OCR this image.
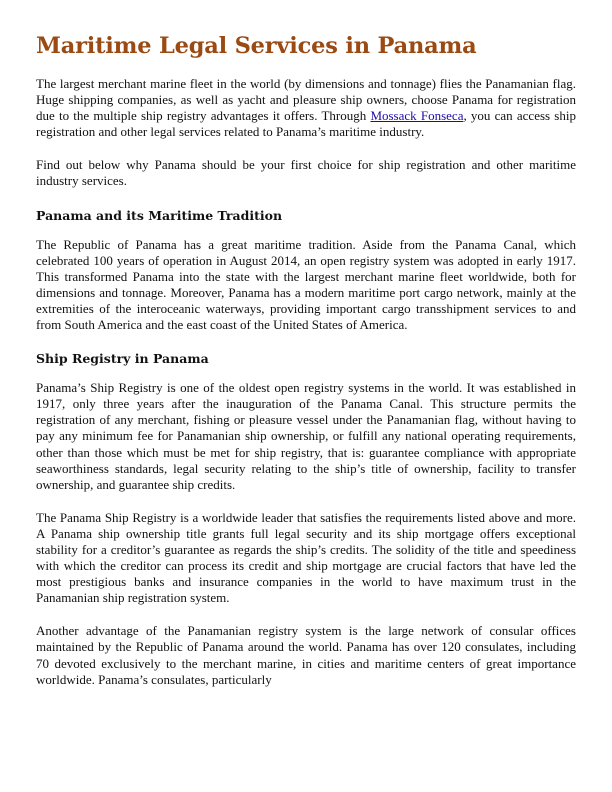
Maritime Legal Services in Panama

The largest merchant marine fleet in the world (by dimensions and tonnage) flies the Panamanian flag. Huge shipping companies, as well as yacht and pleasure ship owners, choose Panama for registration due to the multiple ship registry advantages it offers. Through Mossack Fonseca, you can access ship registration and other legal services related to Panama’s maritime industry.

Find out below why Panama should be your first choice for ship registration and other maritime industry services.

Panama and its Maritime Tradition

The Republic of Panama has a great maritime tradition. Aside from the Panama Canal, which celebrated 100 years of operation in August 2014, an open registry system was adopted in early 1917. This transformed Panama into the state with the largest merchant marine fleet worldwide, both for dimensions and tonnage. Moreover, Panama has a modern maritime port cargo network, mainly at the extremities of the interoceanic waterways, providing important cargo transshipment services to and from South America and the east coast of the United States of America.

Ship Registry in Panama

Panama’s Ship Registry is one of the oldest open registry systems in the world. It was established in 1917, only three years after the inauguration of the Panama Canal. This structure permits the registration of any merchant, fishing or pleasure vessel under the Panamanian flag, without having to pay any minimum fee for Panamanian ship ownership, or fulfill any national operating requirements, other than those which must be met for ship registry, that is: guarantee compliance with appropriate seaworthiness standards, legal security relating to the ship’s title of ownership, facility to transfer ownership, and guarantee ship credits.

The Panama Ship Registry is a worldwide leader that satisfies the requirements listed above and more. A Panama ship ownership title grants full legal security and its ship mortgage offers exceptional stability for a creditor’s guarantee as regards the ship’s credits. The solidity of the title and speediness with which the creditor can process its credit and ship mortgage are crucial factors that have led the most prestigious banks and insurance companies in the world to have maximum trust in the Panamanian ship registration system.

Another advantage of the Panamanian registry system is the large network of consular offices maintained by the Republic of Panama around the world. Panama has over 120 consulates, including 70 devoted exclusively to the merchant marine, in cities and maritime centers of great importance worldwide. Panama’s consulates, particularly
